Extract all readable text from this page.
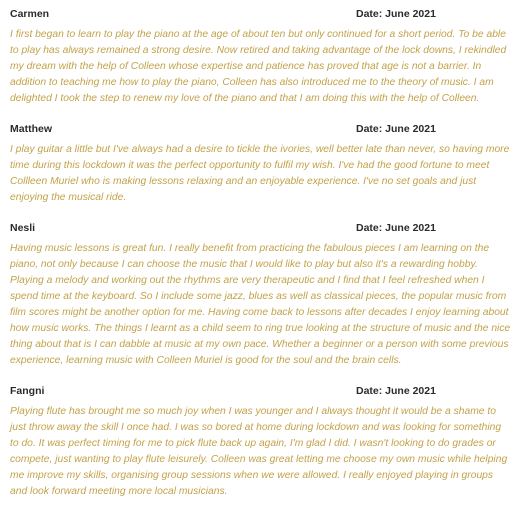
Carmen	Date: June 2021

I first began to learn to play the piano at the age of about ten but only continued for a short period. To be able to play has always remained a strong desire. Now retired and taking advantage of the lock downs, I rekindled my dream with the help of Colleen whose expertise and patience has proved that age is not a barrier. In addition to teaching me how to play the piano, Colleen has also introduced me to the theory of music. I am delighted I took the step to renew my love of the piano and that I am doing this with the help of Colleen.

Matthew	Date: June 2021

I play guitar a little but I've always had a desire to tickle the ivories, well better late than never, so having more time during this lockdown it was the perfect opportunity to fulfil my wish. I've had the good fortune to meet Collleen Muriel who is making lessons relaxing and an enjoyable experience. I've no set goals and just enjoying the musical ride.

Nesli	Date: June 2021

Having music lessons is great fun. I really benefit from practicing the fabulous pieces I am learning on the piano, not only because I can choose the music that I would like to play but also it's a rewarding hobby. Playing a melody and working out the rhythms are very therapeutic and I find that I feel refreshed when I spend time at the keyboard. So I include some jazz, blues as well as classical pieces, the popular music from film scores might be another option for me. Having come back to lessons after decades I enjoy learning about how music works. The things I learnt as a child seem to ring true looking at the structure of music and the nice thing about that is I can dabble at music at my own pace. Whether a beginner or a person with some previous experience, learning music with Colleen Muriel is good for the soul and the brain cells.

Fangni	Date: June 2021

Playing flute has brought me so much joy when I was younger and I always thought it would be a shame to just throw away the skill I once had. I was so bored at home during lockdown and was looking for something to do. It was perfect timing for me to pick flute back up again, I'm glad I did. I wasn't looking to do grades or compete, just wanting to play flute leisurely. Colleen was great letting me choose my own music while helping me improve my skills, organising group sessions when we were allowed. I really enjoyed playing in groups and look forward meeting more local musicians.
